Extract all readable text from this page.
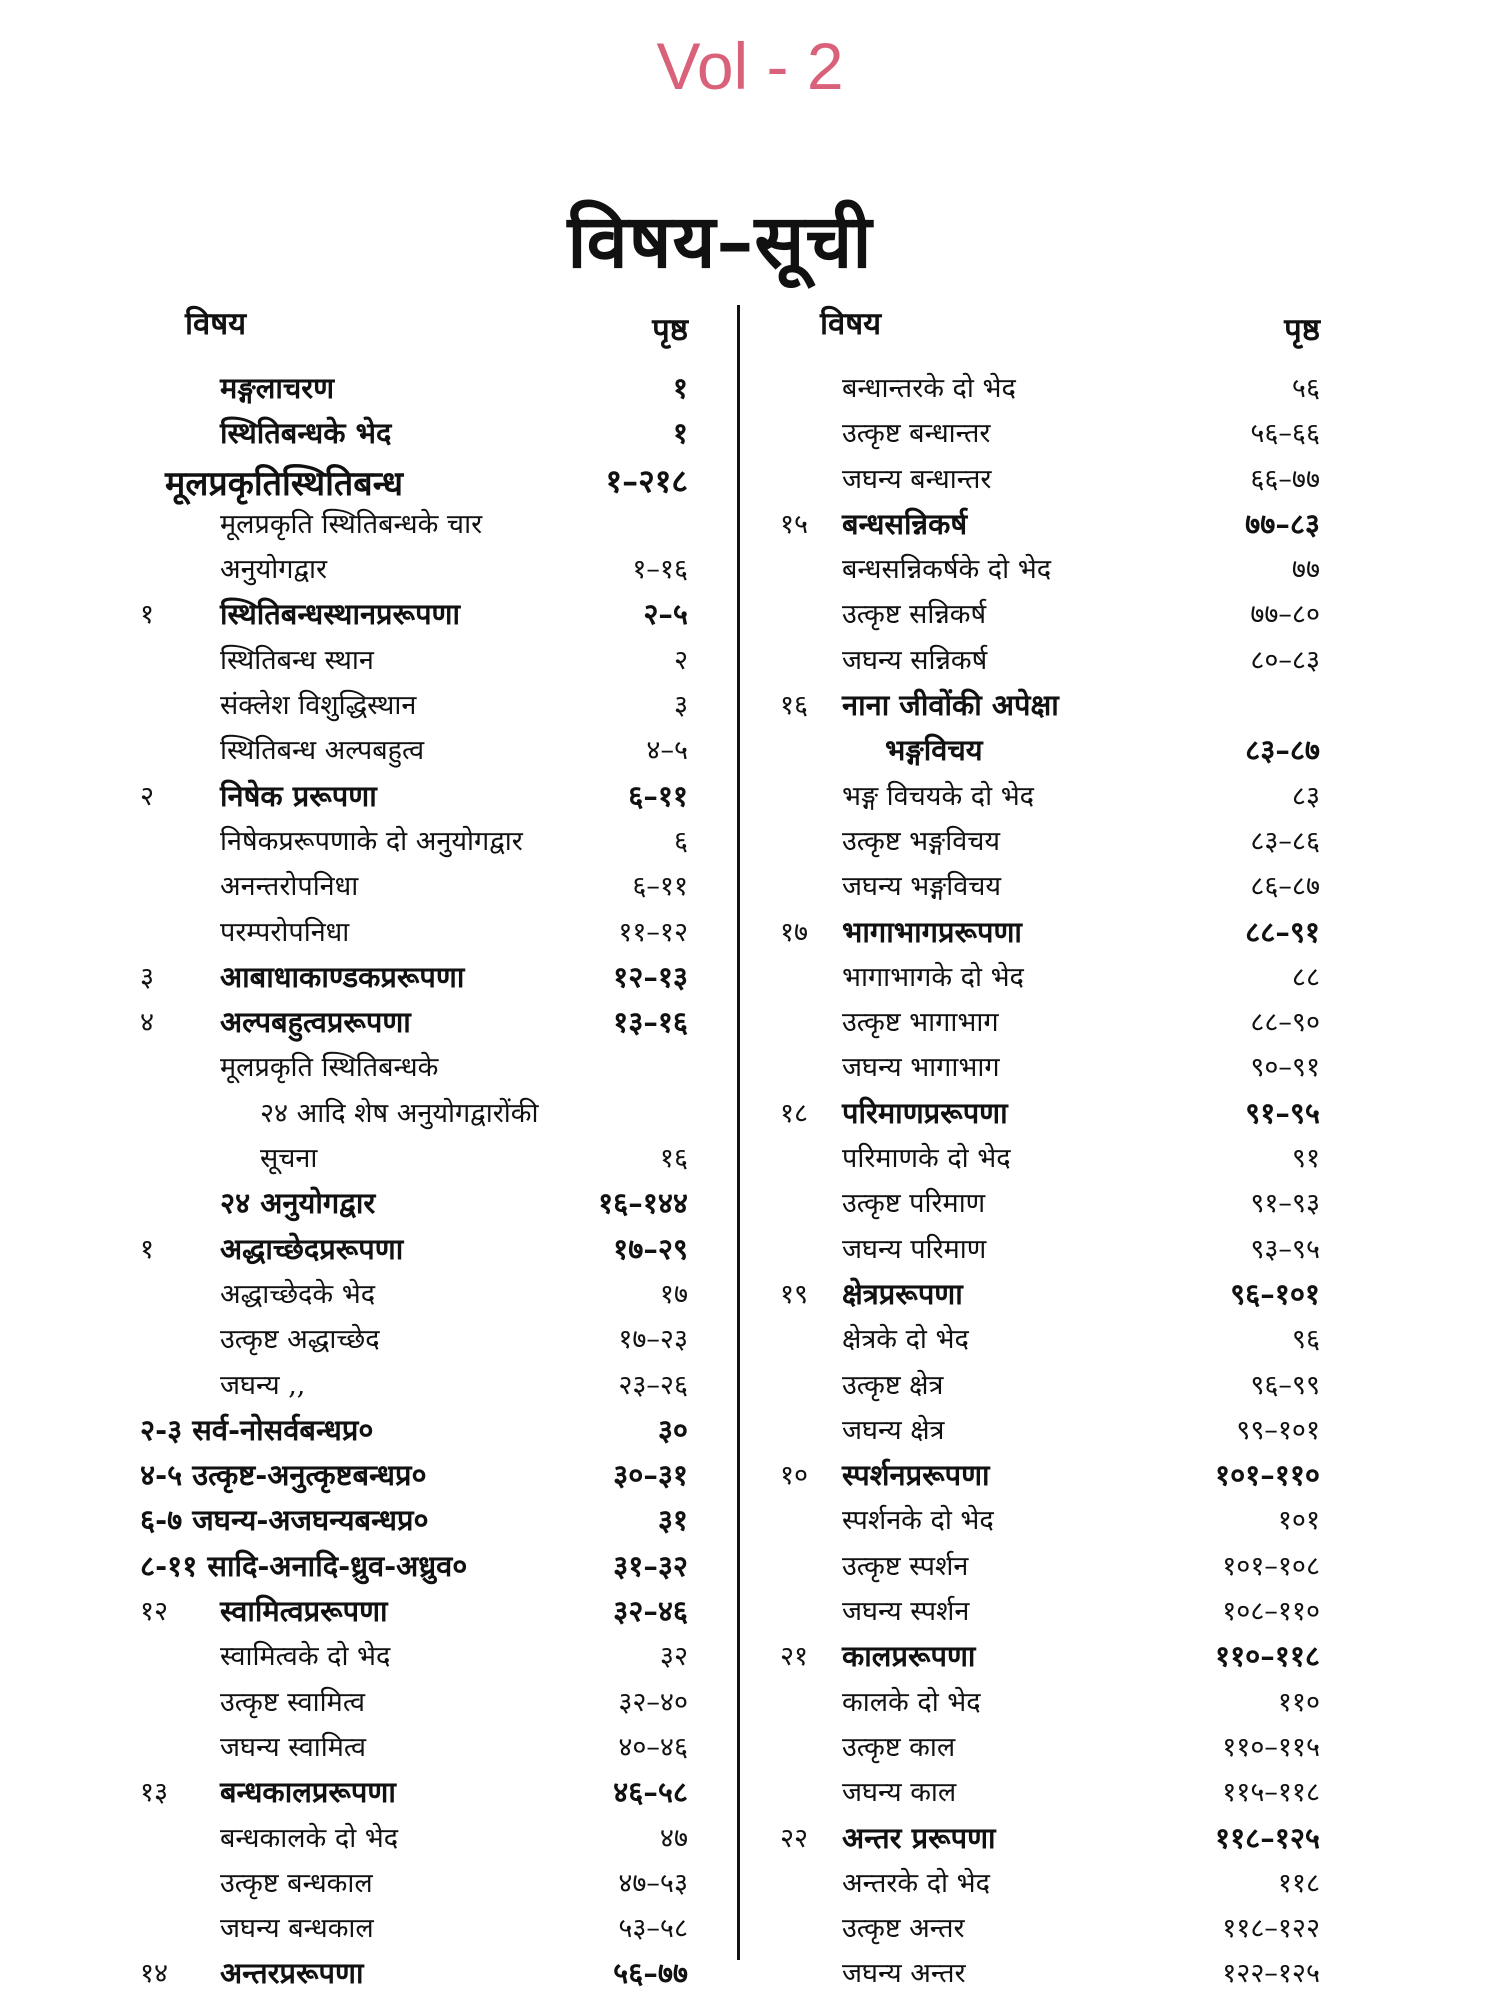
Vol - 2
विषय–सूची
विषय	पृष्ठ
मङ्गलाचरण	१
स्थितिबन्धके भेद	१
मूलप्रकृतिस्थितिबन्ध	१–२१८
मूलप्रकृति स्थितिबन्धके चार
अनुयोगद्वार	१–१६
१ स्थितिबन्धस्थानप्ररूपणा	२–५
स्थितिबन्ध स्थान	२
संक्लेश विशुद्धिस्थान	३
स्थितिबन्ध अल्पबहुत्व	४–५
२ निषेक प्ररूपणा	६–११
निषेकप्ररूपणाके दो अनुयोगद्वार	६
अनन्तरोपनिधा	६–११
परम्परोपनिधा	११–१२
३ आबाधाकाण्डकप्ररूपणा	१२–१३
४ अल्पबहुत्वप्ररूपणा	१३–१६
मूलप्रकृति स्थितिबन्धके
२४ आदि शेष अनुयोगद्वारोंकी
सूचना	१६
२४ अनुयोगद्वार	१६–१४४
१ अद्धाच्छेदप्ररूपणा	१७–२९
अद्धाच्छेदके भेद	१७
उत्कृष्ट अद्धाच्छेद	१७–२३
जघन्य ,,	२३–२६
२-३ सर्व-नोसर्वबन्धप्र०	३०
४-५ उत्कृष्ट-अनुत्कृष्टबन्धप्र०	३०–३१
६-७ जघन्य-अजघन्यबन्धप्र०	३१
८-११ सादि-अनादि-ध्रुव-अध्रुव०	३१–३२
१२ स्वामित्वप्ररूपणा	३२–४६
स्वामित्वके दो भेद	३२
उत्कृष्ट स्वामित्व	३२–४०
जघन्य स्वामित्व	४०–४६
१३ बन्धकालप्ररूपणा	४६–५८
बन्धकालके दो भेद	४७
उत्कृष्ट बन्धकाल	४७–५३
जघन्य बन्धकाल	५३–५८
१४ अन्तरप्ररूपणा	५६–७७
विषय	पृष्ठ
बन्धान्तरके दो भेद	५६
उत्कृष्ट बन्धान्तर	५६–६६
जघन्य बन्धान्तर	६६–७७
१५ बन्धसन्निकर्ष	७७–८३
बन्धसन्निकर्षके दो भेद	७७
उत्कृष्ट सन्निकर्ष	७७–८०
जघन्य सन्निकर्ष	८०–८३
१६ नाना जीवोंकी अपेक्षा
भङ्गविचय	८३–८७
भङ्ग विचयके दो भेद	८३
उत्कृष्ट भङ्गविचय	८३–८६
जघन्य भङ्गविचय	८६–८७
१७ भागाभागप्ररूपणा	८८–९१
भागाभागके दो भेद	८८
उत्कृष्ट भागाभाग	८८–९०
जघन्य भागाभाग	९०–९१
१८ परिमाणप्ररूपणा	९१–९५
परिमाणके दो भेद	९१
उत्कृष्ट परिमाण	९१–९३
जघन्य परिमाण	९३–९५
१९ क्षेत्रप्ररूपणा	९६–१०१
क्षेत्रके दो भेद	९६
उत्कृष्ट क्षेत्र	९६–९९
जघन्य क्षेत्र	९९–१०१
१० स्पर्शनप्ररूपणा	१०१–११०
स्पर्शनके दो भेद	१०१
उत्कृष्ट स्पर्शन	१०१–१०८
जघन्य स्पर्शन	१०८–११०
२१ कालप्ररूपणा	११०–११८
कालके दो भेद	११०
उत्कृष्ट काल	११०–११५
जघन्य काल	११५–११८
२२ अन्तर प्ररूपणा	११८–१२५
अन्तरके दो भेद	११८
उत्कृष्ट अन्तर	११८–१२२
जघन्य अन्तर	१२२–१२५
